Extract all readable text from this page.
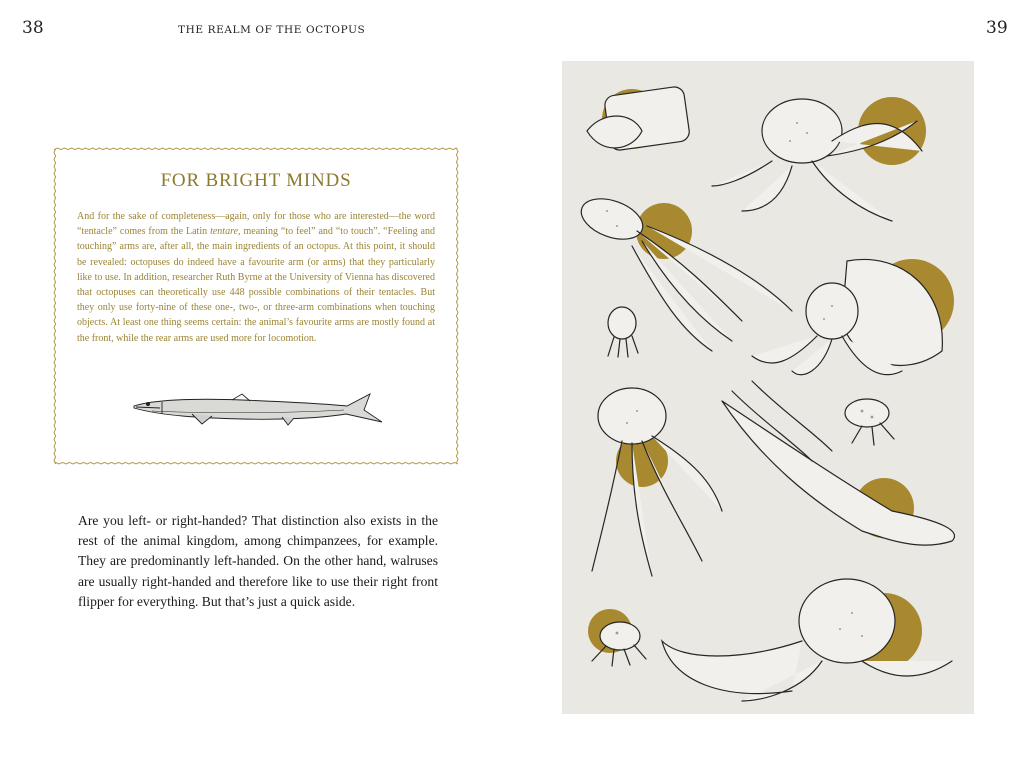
38	THE REALM OF THE OCTOPUS	39
FOR BRIGHT MINDS
And for the sake of completeness—again, only for those who are interested—the word “tentacle” comes from the Latin tentare, meaning “to feel” and “to touch”. “Feeling and touching” arms are, after all, the main ingredients of an octopus. At this point, it should be revealed: octopuses do indeed have a favourite arm (or arms) that they particularly like to use. In addition, researcher Ruth Byrne at the University of Vienna has discovered that octopuses can theoretically use 448 possible combinations of their tentacles. But they only use forty-nine of these one-, two-, or three-arm combinations when touching objects. At least one thing seems certain: the animal’s favourite arms are mostly found at the front, while the rear arms are used more for locomotion.
Are you left- or right-handed? That distinction also exists in the rest of the animal kingdom, among chimpanzees, for example. They are predominantly left-handed. On the other hand, walruses are usually right-handed and therefore like to use their right front flipper for everything. But that’s just a quick aside.
